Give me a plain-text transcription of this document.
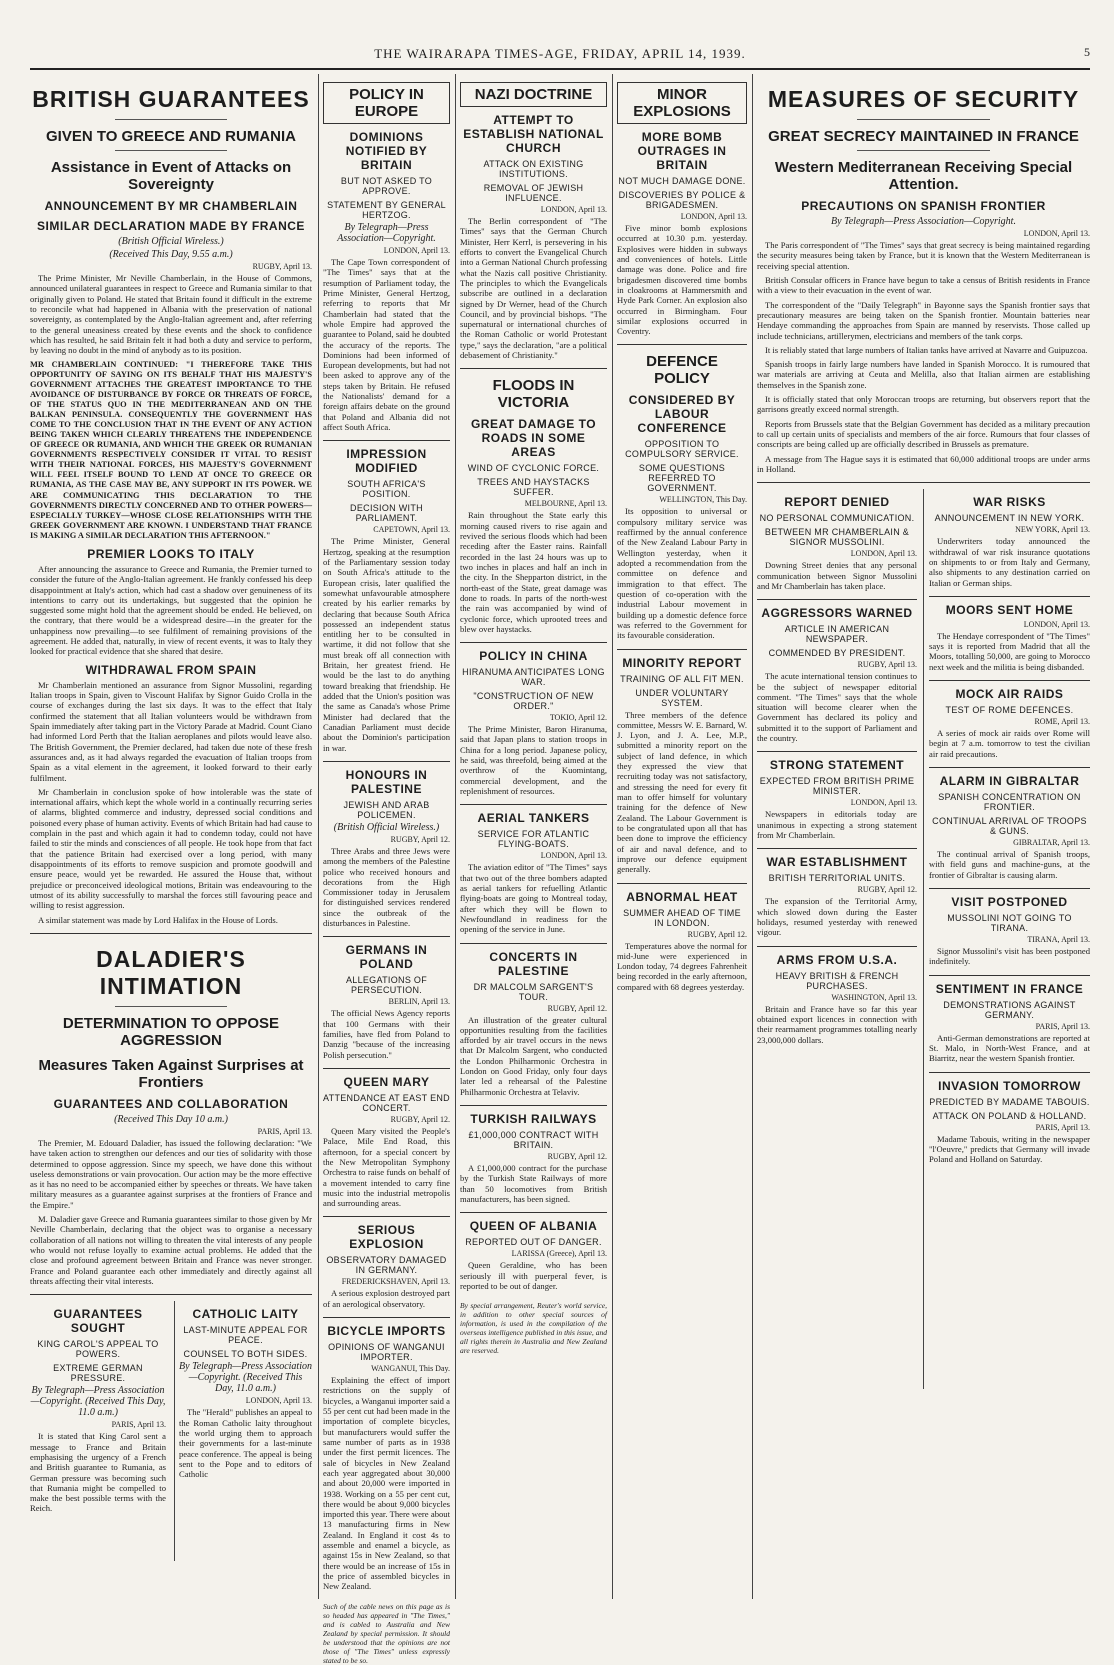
THE WAIRARAPA TIMES-AGE, FRIDAY, APRIL 14, 1939.	5
BRITISH GUARANTEES
GIVEN TO GREECE AND RUMANIA
Assistance in Event of Attacks on Sovereignty
ANNOUNCEMENT BY MR CHAMBERLAIN
SIMILAR DECLARATION MADE BY FRANCE

(British Official Wireless.)

(Received This Day, 9.55 a.m.)

RUGBY, April 13.

The Prime Minister, Mr Neville Chamberlain, in the House of Commons, announced unilateral guarantees in respect to Greece and Rumania similar to that originally given to Poland. He stated that Britain found it difficult in the extreme to reconcile what had happened in Albania with the preservation of national sovereignty, as contemplated by the Anglo-Italian agreement and, after referring to the general uneasiness created by these events and the shock to confidence which has resulted, he said Britain felt it had both a duty and service to perform, by leaving no doubt in the mind of anybody as to its position.

MR CHAMBERLAIN CONTINUED: "I THEREFORE TAKE THIS OPPORTUNITY OF SAYING ON ITS BEHALF THAT HIS MAJESTY'S GOVERNMENT ATTACHES THE GREATEST IMPORTANCE TO THE AVOIDANCE OF DISTURBANCE BY FORCE OR THREATS OF FORCE, OF THE STATUS QUO IN THE MEDITERRANEAN AND ON THE BALKAN PENINSULA. CONSEQUENTLY THE GOVERNMENT HAS COME TO THE CONCLUSION THAT IN THE EVENT OF ANY ACTION BEING TAKEN WHICH CLEARLY THREATENS THE INDEPENDENCE OF GREECE OR RUMANIA, AND WHICH THE GREEK OR RUMANIAN GOVERNMENTS RESPECTIVELY CONSIDER IT VITAL TO RESIST WITH THEIR NATIONAL FORCES, HIS MAJESTY'S GOVERNMENT WILL FEEL ITSELF BOUND TO LEND AT ONCE TO GREECE OR RUMANIA, AS THE CASE MAY BE, ANY SUPPORT IN ITS POWER. WE ARE COMMUNICATING THIS DECLARATION TO THE GOVERNMENTS DIRECTLY CONCERNED AND TO OTHER POWERS—ESPECIALLY TURKEY—WHOSE CLOSE RELATIONSHIPS WITH THE GREEK GOVERNMENT ARE KNOWN. I UNDERSTAND THAT FRANCE IS MAKING A SIMILAR DECLARATION THIS AFTERNOON."

PREMIER LOOKS TO ITALY

After announcing the assurance to Greece and Rumania, the Premier turned to consider the future of the Anglo-Italian agreement. He frankly confessed his deep disappointment at Italy's action, which had cast a shadow over genuineness of its intentions to carry out its undertakings, but suggested that the opinion he suggested some might hold that the agreement should be ended. He believed, on the contrary, that there would be a widespread desire—in the greater for the unhappiness now prevailing—to see fulfilment of remaining provisions of the agreement. He added that, naturally, in view of recent events, it was to Italy they looked for practical evidence that she shared that desire.

WITHDRAWAL FROM SPAIN

Mr Chamberlain mentioned an assurance from Signor Mussolini, regarding Italian troops in Spain, given to Viscount Halifax by Signor Guido Crolla in the course of exchanges during the last six days. It was to the effect that Italy confirmed the statement that all Italian volunteers would be withdrawn from Spain immediately after taking part in the Victory Parade at Madrid. Count Ciano had informed Lord Perth that the Italian aeroplanes and pilots would leave also. The British Government, the Premier declared, had taken due note of these fresh assurances and, as it had always regarded the evacuation of Italian troops from Spain as a vital element in the agreement, it looked forward to their early fulfilment.

Mr Chamberlain in conclusion spoke of how intolerable was the state of international affairs, which kept the whole world in a continually recurring series of alarms, blighted commerce and industry, depressed social conditions and poisoned every phase of human activity. Events of which Britain had had cause to complain in the past and which again it had to condemn today, could not have failed to stir the minds and consciences of all people. He took hope from that fact that the patience Britain had exercised over a long period, with many disappointments of its efforts to remove suspicion and promote goodwill and ensure peace, would yet be rewarded. He assured the House that, without prejudice or preconceived ideological motions, Britain was endeavouring to the utmost of its ability successfully to marshal the forces still favouring peace and willing to resist aggression.

A similar statement was made by Lord Halifax in the House of Lords.

DALADIER'S INTIMATION
DETERMINATION TO OPPOSE AGGRESSION
Measures Taken Against Surprises at Frontiers
GUARANTEES AND COLLABORATION

(Received This Day 10 a.m.)

PARIS, April 13.

The Premier, M. Edouard Daladier, has issued the following declaration: "We have taken action to strengthen our defences and our ties of solidarity with those determined to oppose aggression. Since my speech, we have done this without useless demonstrations or vain provocation. Our action may be the more effective as it has no need to be accompanied either by speeches or threats. We have taken military measures as a guarantee against surprises at the frontiers of France and the Empire."

M. Daladier gave Greece and Rumania guarantees similar to those given by Mr Neville Chamberlain, declaring that the object was to organise a necessary collaboration of all nations not willing to threaten the vital interests of any people who would not refuse loyally to examine actual problems. He added that the close and profound agreement between Britain and France was never stronger. France and Poland guarantee each other immediately and directly against all threats affecting their vital interests.

GUARANTEES SOUGHT

KING CAROL'S APPEAL TO POWERS.

EXTREME GERMAN PRESSURE.

By Telegraph—Press Association—Copyright. (Received This Day, 11.0 a.m.)

PARIS, April 13.

It is stated that King Carol sent a message to France and Britain emphasising the urgency of a French and British guarantee to Rumania, as German pressure was becoming such that Rumania might be compelled to make the best possible terms with the Reich.

CATHOLIC LAITY

LAST-MINUTE APPEAL FOR PEACE.

COUNSEL TO BOTH SIDES.

By Telegraph—Press Association—Copyright. (Received This Day, 11.0 a.m.)

LONDON, April 13.

The "Herald" publishes an appeal to the Roman Catholic laity throughout the world urging them to approach their governments for a last-minute peace conference. The appeal is being sent to the Pope and to editors of Catholic

POLICY IN EUROPE
DOMINIONS NOTIFIED BY BRITAIN

BUT NOT ASKED TO APPROVE.

STATEMENT BY GENERAL HERTZOG.

By Telegraph—Press Association—Copyright.

LONDON, April 13.

The Cape Town correspondent of "The Times" says that at the resumption of Parliament today, the Prime Minister, General Hertzog, referring to reports that Mr Chamberlain had stated that the whole Empire had approved the guarantee to Poland, said he doubted the accuracy of the reports. The Dominions had been informed of European developments, but had not been asked to approve any of the steps taken by Britain. He refused the Nationalists' demand for a foreign affairs debate on the ground that Poland and Albania did not affect South Africa.

IMPRESSION MODIFIED

SOUTH AFRICA'S POSITION.

DECISION WITH PARLIAMENT.

CAPETOWN, April 13.

The Prime Minister, General Hertzog, speaking at the resumption of the Parliamentary session today on South Africa's attitude to the European crisis, later qualified the somewhat unfavourable atmosphere created by his earlier remarks by declaring that because South Africa possessed an independent status entitling her to be consulted in wartime, it did not follow that she must break off all connection with Britain, her greatest friend. He would be the last to do anything toward breaking that friendship. He added that the Union's position was the same as Canada's whose Prime Minister had declared that the Canadian Parliament must decide about the Dominion's participation in war.

HONOURS IN PALESTINE

JEWISH AND ARAB POLICEMEN.

(British Official Wireless.)

RUGBY, April 12.

Three Arabs and three Jews were among the members of the Palestine police who received honours and decorations from the High Commissioner today in Jerusalem for distinguished services rendered since the outbreak of the disturbances in Palestine.

GERMANS IN POLAND

ALLEGATIONS OF PERSECUTION.

BERLIN, April 13.

The official News Agency reports that 100 Germans with their families, have fled from Poland to Danzig "because of the increasing Polish persecution."

QUEEN MARY

ATTENDANCE AT EAST END CONCERT.

RUGBY, April 12.

Queen Mary visited the People's Palace, Mile End Road, this afternoon, for a special concert by the New Metropolitan Symphony Orchestra to raise funds on behalf of a movement intended to carry fine music into the industrial metropolis and surrounding areas.

SERIOUS EXPLOSION

OBSERVATORY DAMAGED IN GERMANY.

FREDERICKSHAVEN, April 13.

A serious explosion destroyed part of an aerological observatory.

BICYCLE IMPORTS

OPINIONS OF WANGANUI IMPORTER.

WANGANUI, This Day.

Explaining the effect of import restrictions on the supply of bicycles, a Wanganui importer said a 55 per cent cut had been made in the importation of complete bicycles, but manufacturers would suffer the same number of parts as in 1938 under the first permit licences. The sale of bicycles in New Zealand each year aggregated about 30,000 and about 20,000 were imported in 1938. Working on a 55 per cent cut, there would be about 9,000 bicycles imported this year. There were about 13 manufacturing firms in New Zealand. In England it cost 4s to assemble and enamel a bicycle, as against 15s in New Zealand, so that there would be an increase of 15s in the price of assembled bicycles in New Zealand.

Such of the cable news on this page as is so headed has appeared in "The Times," and is cabled to Australia and New Zealand by special permission. It should be understood that the opinions are not those of "The Times" unless expressly stated to be so.

NAZI DOCTRINE
ATTEMPT TO ESTABLISH NATIONAL CHURCH

ATTACK ON EXISTING INSTITUTIONS.

REMOVAL OF JEWISH INFLUENCE.

LONDON, April 13.

The Berlin correspondent of "The Times" says that the German Church Minister, Herr Kerrl, is persevering in his efforts to convert the Evangelical Church into a German National Church professing what the Nazis call positive Christianity. The principles to which the Evangelicals subscribe are outlined in a declaration signed by Dr Werner, head of the Church Council, and by provincial bishops. "The supernatural or international churches of the Roman Catholic or world Protestant type," says the declaration, "are a political debasement of Christianity."

FLOODS IN VICTORIA
GREAT DAMAGE TO ROADS IN SOME AREAS

WIND OF CYCLONIC FORCE.

TREES AND HAYSTACKS SUFFER.

MELBOURNE, April 13.

Rain throughout the State early this morning caused rivers to rise again and revived the serious floods which had been receding after the Easter rains. Rainfall recorded in the last 24 hours was up to two inches in places and half an inch in the city. In the Shepparton district, in the north-east of the State, great damage was done to roads. In parts of the north-west the rain was accompanied by wind of cyclonic force, which uprooted trees and blew over haystacks.

POLICY IN CHINA

HIRANUMA ANTICIPATES LONG WAR.

"CONSTRUCTION OF NEW ORDER."

TOKIO, April 12.

The Prime Minister, Baron Hiranuma, said that Japan plans to station troops in China for a long period. Japanese policy, he said, was threefold, being aimed at the overthrow of the Kuomintang, commercial development, and the replenishment of resources.

AERIAL TANKERS

SERVICE FOR ATLANTIC FLYING-BOATS.

LONDON, April 13.

The aviation editor of "The Times" says that two out of the three bombers adapted as aerial tankers for refuelling Atlantic flying-boats are going to Montreal today, after which they will be flown to Newfoundland in readiness for the opening of the service in June.

CONCERTS IN PALESTINE

DR MALCOLM SARGENT'S TOUR.

RUGBY, April 12.

An illustration of the greater cultural opportunities resulting from the facilities afforded by air travel occurs in the news that Dr Malcolm Sargent, who conducted the London Philharmonic Orchestra in London on Good Friday, only four days later led a rehearsal of the Palestine Philharmonic Orchestra at Telaviv.

TURKISH RAILWAYS

£1,000,000 CONTRACT WITH BRITAIN.

RUGBY, April 12.

A £1,000,000 contract for the purchase by the Turkish State Railways of more than 50 locomotives from British manufacturers, has been signed.

QUEEN OF ALBANIA

REPORTED OUT OF DANGER.

LARISSA (Greece), April 13.

Queen Geraldine, who has been seriously ill with puerperal fever, is reported to be out of danger.

By special arrangement, Reuter's world service, in addition to other special sources of information, is used in the compilation of the overseas intelligence published in this issue, and all rights therein in Australia and New Zealand are reserved.

MINOR EXPLOSIONS
MORE BOMB OUTRAGES IN BRITAIN

NOT MUCH DAMAGE DONE.

DISCOVERIES BY POLICE & BRIGADESMEN.

LONDON, April 13.

Five minor bomb explosions occurred at 10.30 p.m. yesterday. Explosives were hidden in subways and conveniences of hotels. Little damage was done. Police and fire brigadesmen discovered time bombs in cloakrooms at Hammersmith and Hyde Park Corner. An explosion also occurred in Birmingham. Four similar explosions occurred in Coventry.

DEFENCE POLICY
CONSIDERED BY LABOUR CONFERENCE

OPPOSITION TO COMPULSORY SERVICE.

SOME QUESTIONS REFERRED TO GOVERNMENT.

WELLINGTON, This Day.

Its opposition to universal or compulsory military service was reaffirmed by the annual conference of the New Zealand Labour Party in Wellington yesterday, when it adopted a recommendation from the committee on defence and immigration to that effect. The question of co-operation with the industrial Labour movement in building up a domestic defence force was referred to the Government for its favourable consideration.

MINORITY REPORT

TRAINING OF ALL FIT MEN.

UNDER VOLUNTARY SYSTEM.

Three members of the defence committee, Messrs W. E. Barnard, W. J. Lyon, and J. A. Lee, M.P., submitted a minority report on the subject of land defence, in which they expressed the view that recruiting today was not satisfactory, and stressing the need for every fit man to offer himself for voluntary training for the defence of New Zealand. The Labour Government is to be congratulated upon all that has been done to improve the efficiency of air and naval defence, and to improve our defence equipment generally.

ABNORMAL HEAT

SUMMER AHEAD OF TIME IN LONDON.

RUGBY, April 12.

Temperatures above the normal for mid-June were experienced in London today, 74 degrees Fahrenheit being recorded in the early afternoon, compared with 68 degrees yesterday.

MEASURES OF SECURITY
GREAT SECRECY MAINTAINED IN FRANCE
Western Mediterranean Receiving Special Attention.
PRECAUTIONS ON SPANISH FRONTIER

By Telegraph—Press Association—Copyright.

LONDON, April 13.

The Paris correspondent of "The Times" says that great secrecy is being maintained regarding the security measures being taken by France, but it is known that the Western Mediterranean is receiving special attention.

British Consular officers in France have begun to take a census of British residents in France with a view to their evacuation in the event of war.

The correspondent of the "Daily Telegraph" in Bayonne says the Spanish frontier says that precautionary measures are being taken on the Spanish frontier. Mountain batteries near Hendaye commanding the approaches from Spain are manned by reservists. Those called up include technicians, artillerymen, electricians and members of the tank corps.

It is reliably stated that large numbers of Italian tanks have arrived at Navarre and Guipuzcoa.

Spanish troops in fairly large numbers have landed in Spanish Morocco. It is rumoured that war materials are arriving at Ceuta and Melilla, also that Italian airmen are establishing themselves in the Spanish zone.

It is officially stated that only Moroccan troops are returning, but observers report that the garrisons greatly exceed normal strength.

Reports from Brussels state that the Belgian Government has decided as a military precaution to call up certain units of specialists and members of the air force. Rumours that four classes of conscripts are being called up are officially described in Brussels as premature.

A message from The Hague says it is estimated that 60,000 additional troops are under arms in Holland.

REPORT DENIED

NO PERSONAL COMMUNICATION.

BETWEEN MR CHAMBERLAIN & SIGNOR MUSSOLINI.

LONDON, April 13.

Downing Street denies that any personal communication between Signor Mussolini and Mr Chamberlain has taken place.

AGGRESSORS WARNED

ARTICLE IN AMERICAN NEWSPAPER.

COMMENDED BY PRESIDENT.

RUGBY, April 13.

The acute international tension continues to be the subject of newspaper editorial comment. "The Times" says that the whole situation will become clearer when the Government has declared its policy and submitted it to the support of Parliament and the country.

STRONG STATEMENT

EXPECTED FROM BRITISH PRIME MINISTER.

LONDON, April 13.

Newspapers in editorials today are unanimous in expecting a strong statement from Mr Chamberlain.

WAR ESTABLISHMENT

BRITISH TERRITORIAL UNITS.

RUGBY, April 12.

The expansion of the Territorial Army, which slowed down during the Easter holidays, resumed yesterday with renewed vigour.

ARMS FROM U.S.A.

HEAVY BRITISH & FRENCH PURCHASES.

WASHINGTON, April 13.

Britain and France have so far this year obtained export licences in connection with their rearmament programmes totalling nearly 23,000,000 dollars.

WAR RISKS

ANNOUNCEMENT IN NEW YORK.

NEW YORK, April 13.

Underwriters today announced the withdrawal of war risk insurance quotations on shipments to or from Italy and Germany, also shipments to any destination carried on Italian or German ships.

MOORS SENT HOME

LONDON, April 13.

The Hendaye correspondent of "The Times" says it is reported from Madrid that all the Moors, totalling 50,000, are going to Morocco next week and the militia is being disbanded.

MOCK AIR RAIDS

TEST OF ROME DEFENCES.

ROME, April 13.

A series of mock air raids over Rome will begin at 7 a.m. tomorrow to test the civilian air raid precautions.

ALARM IN GIBRALTAR

SPANISH CONCENTRATION ON FRONTIER.

CONTINUAL ARRIVAL OF TROOPS & GUNS.

GIBRALTAR, April 13.

The continual arrival of Spanish troops, with field guns and machine-guns, at the frontier of Gibraltar is causing alarm.

VISIT POSTPONED

MUSSOLINI NOT GOING TO TIRANA.

TIRANA, April 13.

Signor Mussolini's visit has been postponed indefinitely.

SENTIMENT IN FRANCE

DEMONSTRATIONS AGAINST GERMANY.

PARIS, April 13.

Anti-German demonstrations are reported at St. Malo, in North-West France, and at Biarritz, near the western Spanish frontier.

INVASION TOMORROW

PREDICTED BY MADAME TABOUIS.

ATTACK ON POLAND & HOLLAND.

PARIS, April 13.

Madame Tabouis, writing in the newspaper "l'Oeuvre," predicts that Germany will invade Poland and Holland on Saturday.
